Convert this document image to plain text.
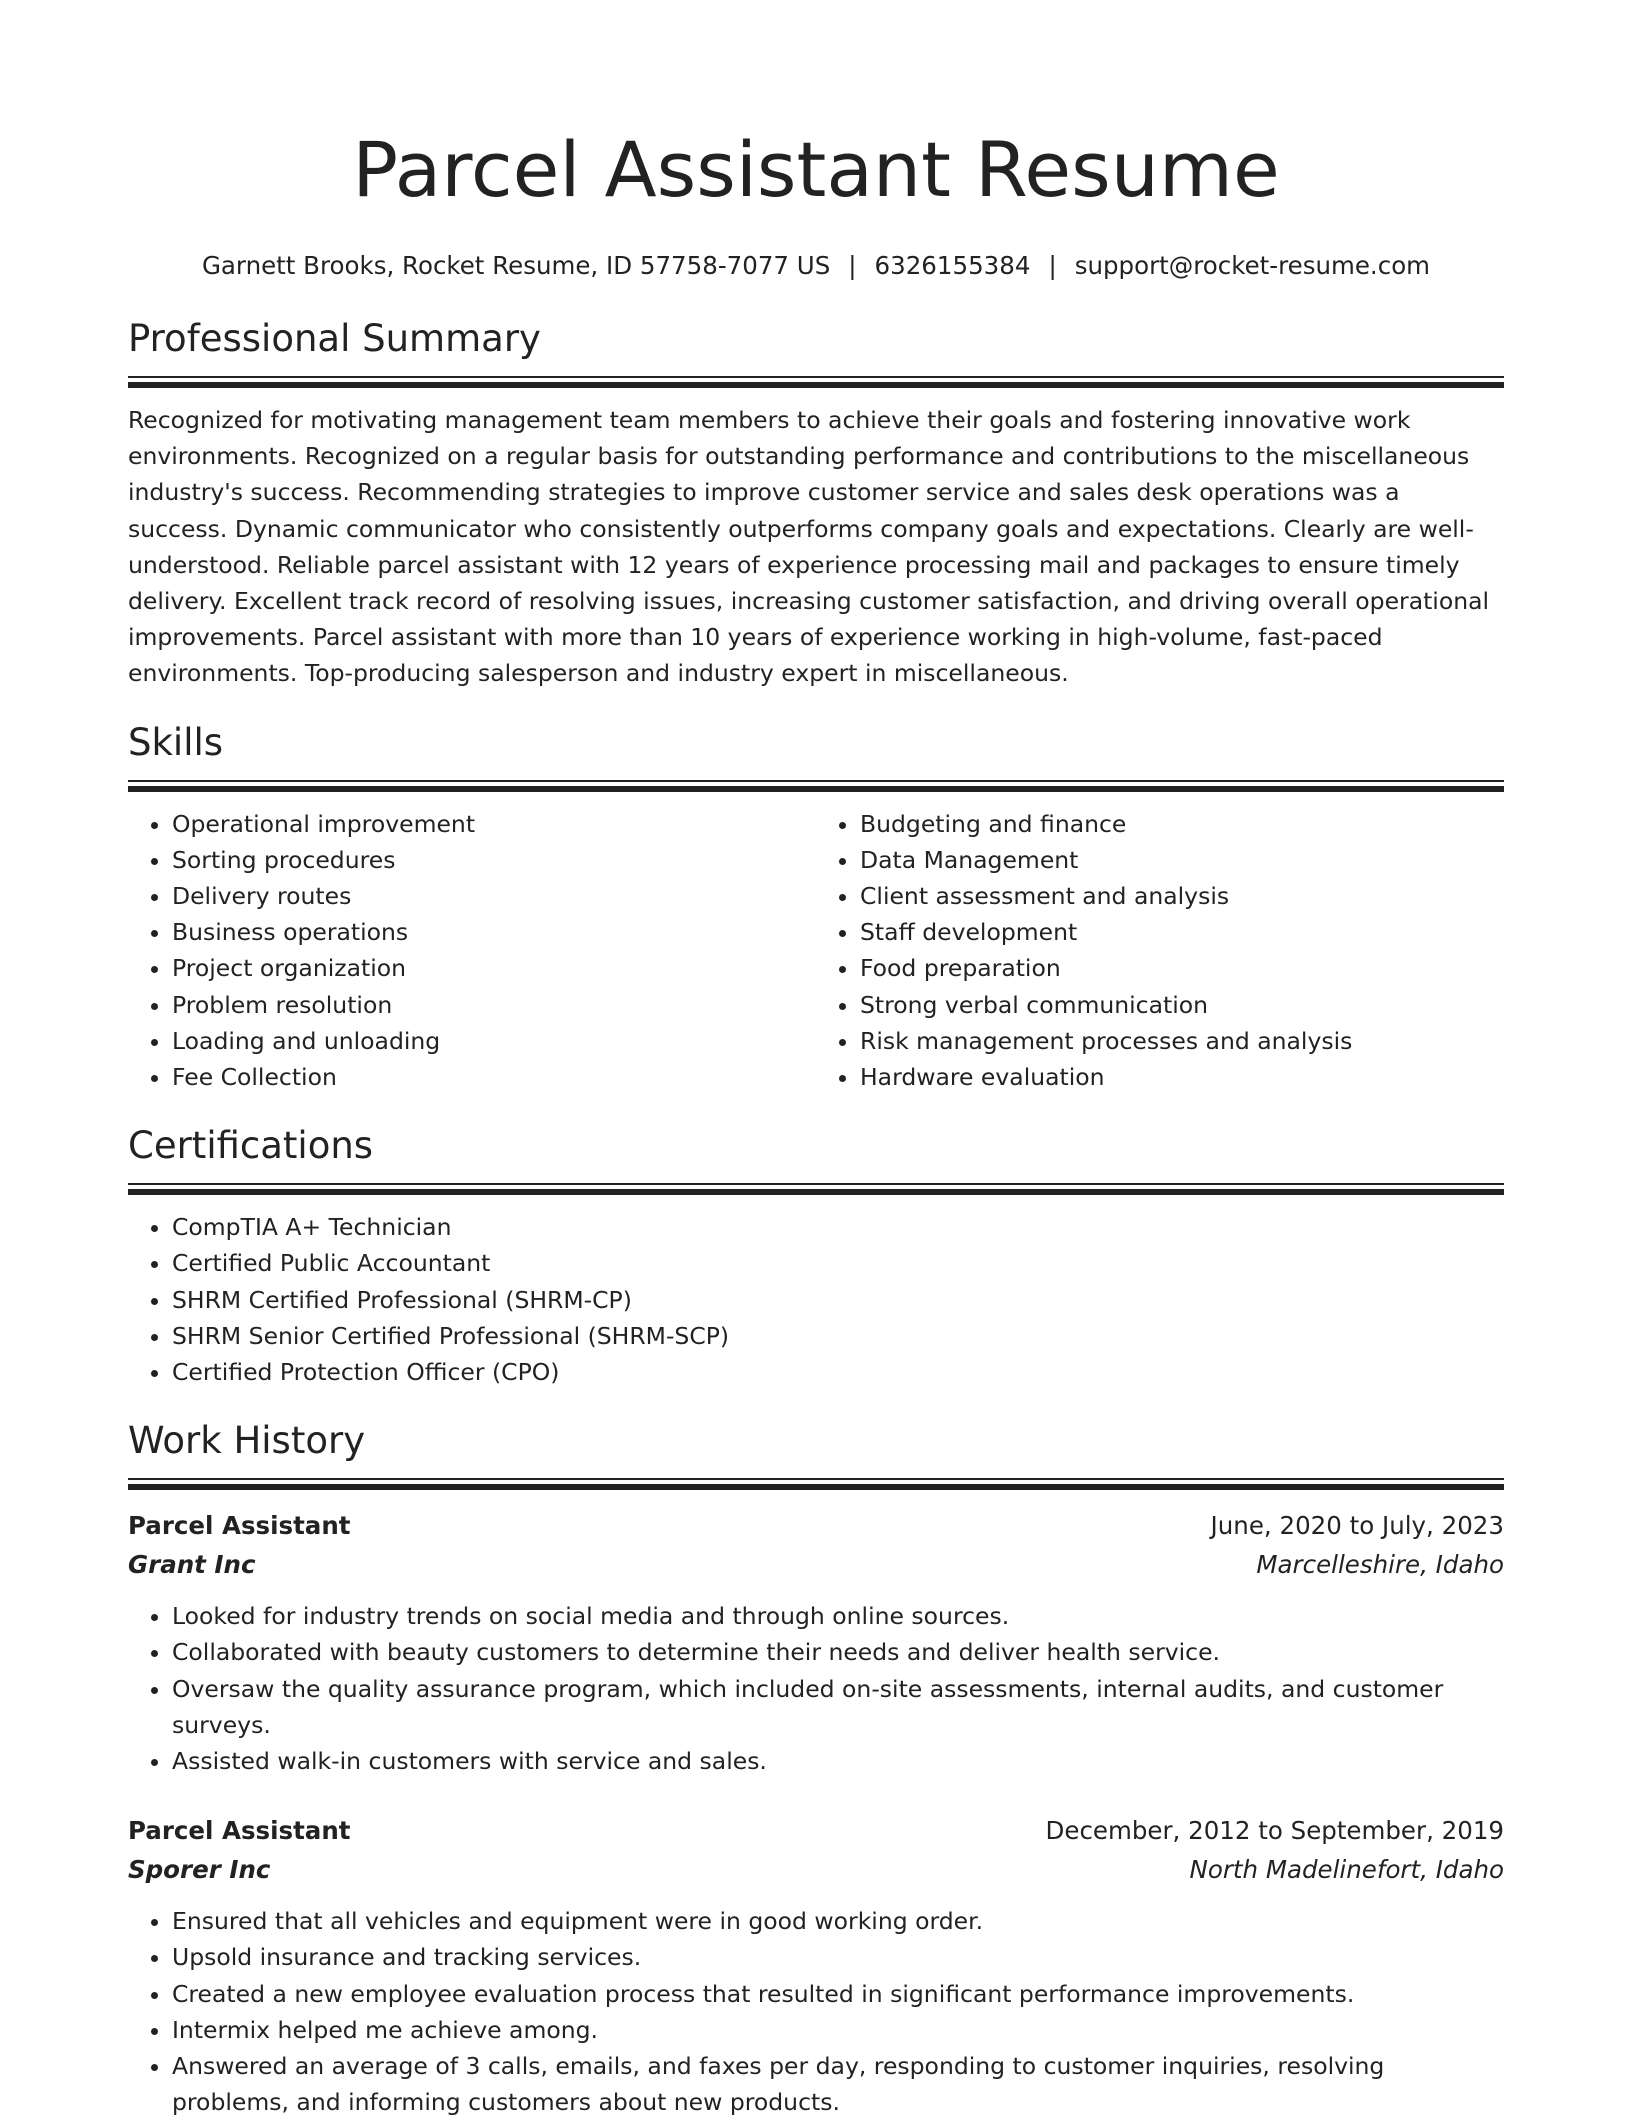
Parcel Assistant Resume
Garnett Brooks, Rocket Resume, ID 57758-7077 US | 6326155384 | support@rocket-resume.com
Professional Summary
Recognized for motivating management team members to achieve their goals and fostering innovative work environments. Recognized on a regular basis for outstanding performance and contributions to the miscellaneous industry's success. Recommending strategies to improve customer service and sales desk operations was a success. Dynamic communicator who consistently outperforms company goals and expectations. Clearly are well-understood. Reliable parcel assistant with 12 years of experience processing mail and packages to ensure timely delivery. Excellent track record of resolving issues, increasing customer satisfaction, and driving overall operational improvements. Parcel assistant with more than 10 years of experience working in high-volume, fast-paced environments. Top-producing salesperson and industry expert in miscellaneous.
Skills
• Operational improvement
• Sorting procedures
• Delivery routes
• Business operations
• Project organization
• Problem resolution
• Loading and unloading
• Fee Collection
• Budgeting and finance
• Data Management
• Client assessment and analysis
• Staff development
• Food preparation
• Strong verbal communication
• Risk management processes and analysis
• Hardware evaluation
Certifications
• CompTIA A+ Technician
• Certified Public Accountant
• SHRM Certified Professional (SHRM-CP)
• SHRM Senior Certified Professional (SHRM-SCP)
• Certified Protection Officer (CPO)
Work History
Parcel Assistant	June, 2020 to July, 2023
Grant Inc	Marcelleshire, Idaho
• Looked for industry trends on social media and through online sources.
• Collaborated with beauty customers to determine their needs and deliver health service.
• Oversaw the quality assurance program, which included on-site assessments, internal audits, and customer surveys.
• Assisted walk-in customers with service and sales.
Parcel Assistant	December, 2012 to September, 2019
Sporer Inc	North Madelinefort, Idaho
• Ensured that all vehicles and equipment were in good working order.
• Upsold insurance and tracking services.
• Created a new employee evaluation process that resulted in significant performance improvements.
• Intermix helped me achieve among.
• Answered an average of 3 calls, emails, and faxes per day, responding to customer inquiries, resolving problems, and informing customers about new products.
